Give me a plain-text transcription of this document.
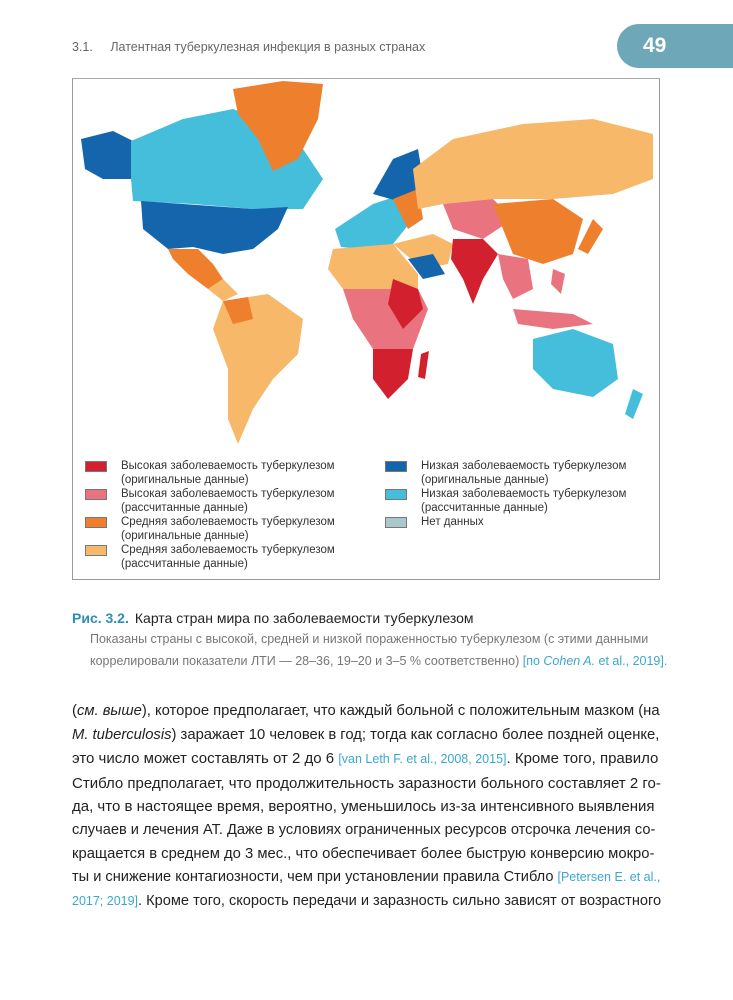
3.1. Латентная туберкулезная инфекция в разных странах	49
Высокая заболеваемость туберкулезом
(оригинальные данные)
Высокая заболеваемость туберкулезом
(рассчитанные данные)
Средняя заболеваемость туберкулезом
(оригинальные данные)
Средняя заболеваемость туберкулезом
(рассчитанные данные)
Низкая заболеваемость туберкулезом
(оригинальные данные)
Низкая заболеваемость туберкулезом
(рассчитанные данные)
Нет данных
Рис. 3.2. Карта стран мира по заболеваемости туберкулезом
Показаны страны с высокой, средней и низкой пораженностью туберкулезом (с этими данными коррелировали показатели ЛТИ — 28–36, 19–20 и 3–5 % соответственно) [по Cohen A. et al., 2019].
(см. выше), которое предполагает, что каждый больной с положительным мазком (на
M. tuberculosis) заражает 10 человек в год; тогда как согласно более поздней оценке,
это число может составлять от 2 до 6 [van Leth F. et al., 2008, 2015]. Кроме того, правило
Стибло предполагает, что продолжительность заразности больного составляет 2 го-
да, что в настоящее время, вероятно, уменьшилось из-за интенсивного выявления
случаев и лечения АТ. Даже в условиях ограниченных ресурсов отсрочка лечения со-
кращается в среднем до 3 мес., что обеспечивает более быструю конверсию мокро-
ты и снижение контагиозности, чем при установлении правила Стибло [Petersen E. et al.,
2017; 2019]. Кроме того, скорость передачи и заразность сильно зависят от возрастного
